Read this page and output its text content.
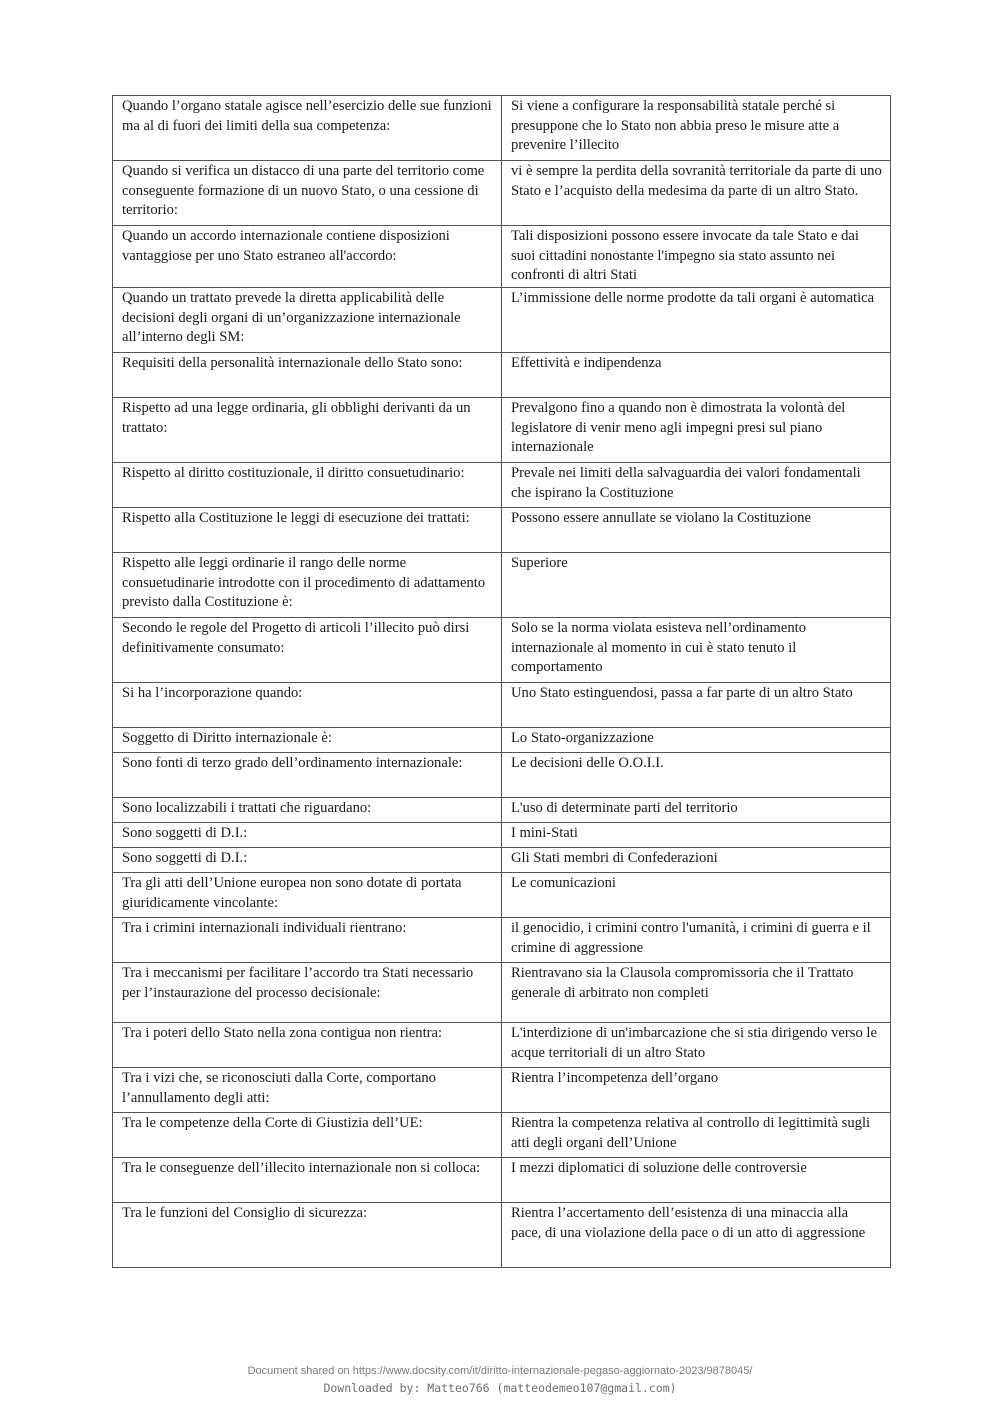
Quando l’organo statale agisce nell’esercizio delle sue funzioni ma al di fuori dei limiti della sua competenza:	Si viene a configurare la responsabilità statale perché si presuppone che lo Stato non abbia preso le misure atte a prevenire l’illecito
Quando si verifica un distacco di una parte del territorio come conseguente formazione di un nuovo Stato, o una cessione di territorio:	vi è sempre la perdita della sovranità territoriale da parte di uno Stato e l’acquisto della medesima da parte di un altro Stato.
Quando un accordo internazionale contiene disposizioni vantaggiose per uno Stato estraneo all'accordo:	Tali disposizioni possono essere invocate da tale Stato e dai suoi cittadini nonostante l'impegno sia stato assunto nei confronti di altri Stati
Quando un trattato prevede la diretta applicabilità delle decisioni degli organi di un’organizzazione internazionale all’interno degli SM:	L’immissione delle norme prodotte da tali organi è automatica
Requisiti della personalità internazionale dello Stato sono:	Effettività e indipendenza
Rispetto ad una legge ordinaria, gli obblighi derivanti da un trattato:	Prevalgono fino a quando non è dimostrata la volontà del legislatore di venir meno agli impegni presi sul piano internazionale
Rispetto al diritto costituzionale, il diritto consuetudinario:	Prevale nei limiti della salvaguardia dei valori fondamentali che ispirano la Costituzione
Rispetto alla Costituzione le leggi di esecuzione dei trattati:	Possono essere annullate se violano la Costituzione
Rispetto alle leggi ordinarie il rango delle norme consuetudinarie introdotte con il procedimento di adattamento previsto dalla Costituzione è:	Superiore
Secondo le regole del Progetto di articoli l’illecito può dirsi definitivamente consumato:	Solo se la norma violata esisteva nell’ordinamento internazionale al momento in cui è stato tenuto il comportamento
Si ha l’incorporazione quando:	Uno Stato estinguendosi, passa a far parte di un altro Stato
Soggetto di Diritto internazionale è:	Lo Stato-organizzazione
Sono fonti di terzo grado dell’ordinamento internazionale:	Le decisioni delle O.O.I.I.
Sono localizzabili i trattati che riguardano:	L'uso di determinate parti del territorio
Sono soggetti di D.I.:	I mini-Stati
Sono soggetti di D.I.:	Gli Stati membri di Confederazioni
Tra gli atti dell’Unione europea non sono dotate di portata giuridicamente vincolante:	Le comunicazioni
Tra i crimini internazionali individuali rientrano:	il genocidio, i crimini contro l'umanità, i crimini di guerra e il crimine di aggressione
Tra i meccanismi per facilitare l’accordo tra Stati necessario per l’instaurazione del processo decisionale:	Rientravano sia la Clausola compromissoria che il Trattato generale di arbitrato non completi
Tra i poteri dello Stato nella zona contigua non rientra:	L'interdizione di un'imbarcazione che si stia dirigendo verso le acque territoriali di un altro Stato
Tra i vizi che, se riconosciuti dalla Corte, comportano l’annullamento degli atti:	Rientra l’incompetenza dell’organo
Tra le competenze della Corte di Giustizia dell’UE:	Rientra la competenza relativa al controllo di legittimità sugli atti degli organi dell’Unione
Tra le conseguenze dell’illecito internazionale non si colloca:	I mezzi diplomatici di soluzione delle controversie
Tra le funzioni del Consiglio di sicurezza:	Rientra l’accertamento dell’esistenza di una minaccia alla pace, di una violazione della pace o di un atto di aggressione
Document shared on https://www.docsity.com/it/diritto-internazionale-pegaso-aggiornato-2023/9878045/
Downloaded by: Matteo766 (matteodemeo107@gmail.com)
